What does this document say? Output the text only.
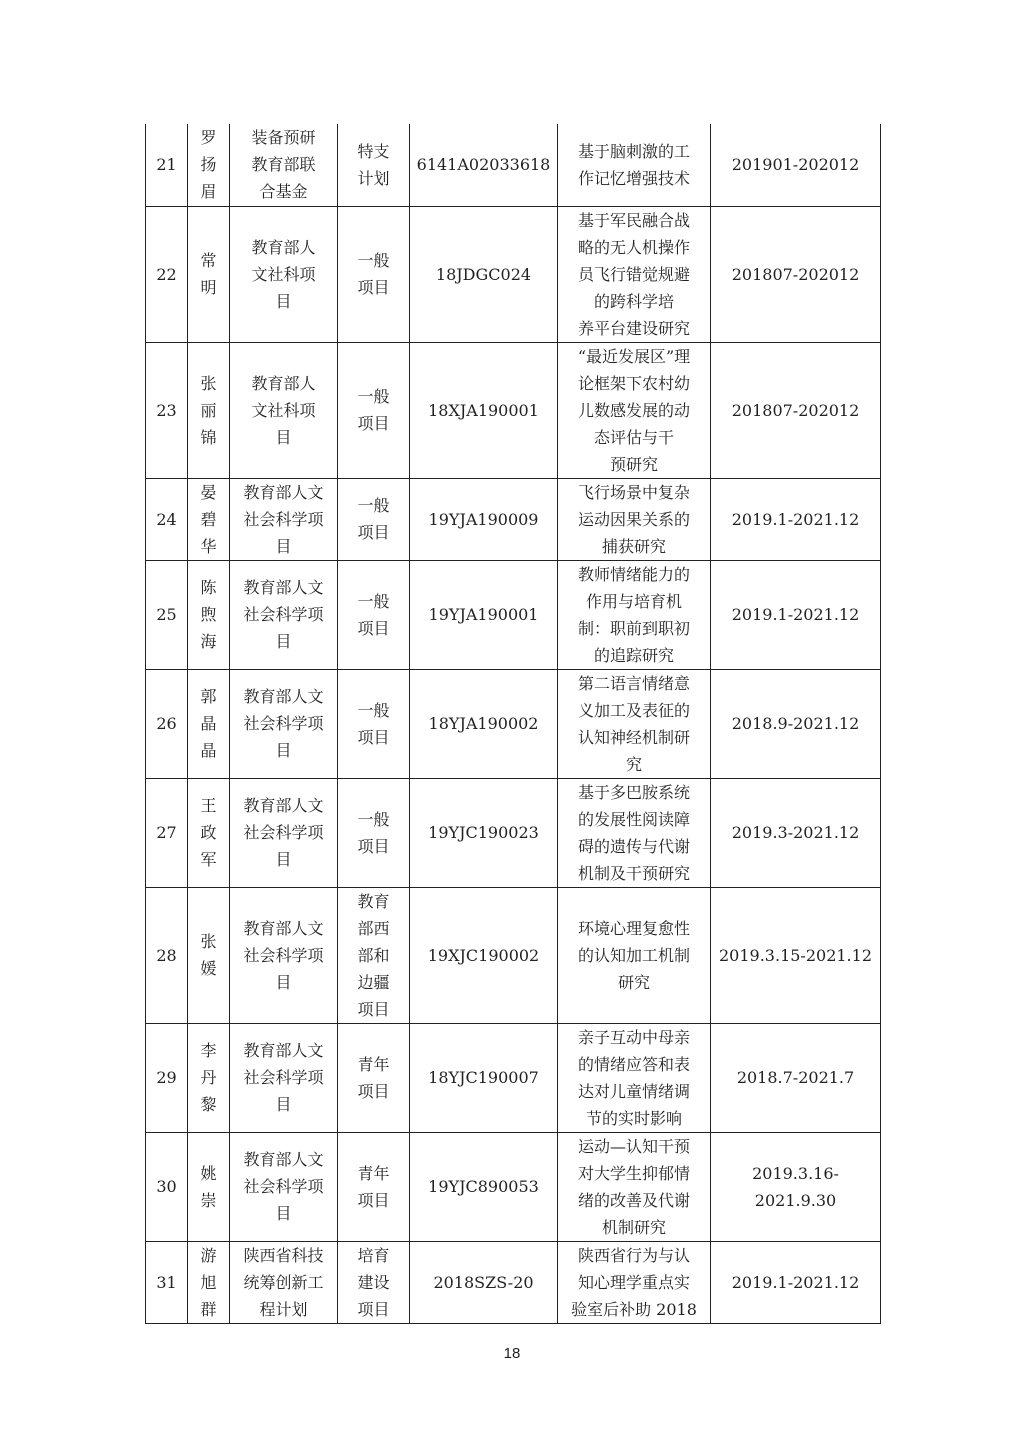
21	罗扬眉	装备预研
教育部联
合基金	特支
计划	6141A02033618	基于脑刺激的工
作记忆增强技术	201901-202012
22	常明	教育部人
文社科项
目	一般
项目	18JDGC024	基于军民融合战
略的无人机操作
员飞行错觉规避
的跨科学培
养平台建设研究	201807-202012
23	张丽锦	教育部人
文社科项
目	一般
项目	18XJA190001	“最近发展区”理
论框架下农村幼
儿数感发展的动
态评估与干
预研究	201807-202012
24	晏碧华	教育部人文
社会科学项
目	一般
项目	19YJA190009	飞行场景中复杂
运动因果关系的
捕获研究	2019.1-2021.12
25	陈煦海	教育部人文
社会科学项
目	一般
项目	19YJA190001	教师情绪能力的
作用与培育机
制：职前到职初
的追踪研究	2019.1-2021.12
26	郭晶晶	教育部人文
社会科学项
目	一般
项目	18YJA190002	第二语言情绪意
义加工及表征的
认知神经机制研
究	2018.9-2021.12
27	王政军	教育部人文
社会科学项
目	一般
项目	19YJC190023	基于多巴胺系统
的发展性阅读障
碍的遗传与代谢
机制及干预研究	2019.3-2021.12
28	张媛	教育部人文
社会科学项
目	教育
部西
部和
边疆
项目	19XJC190002	环境心理复愈性
的认知加工机制
研究	2019.3.15-2021.12
29	李丹黎	教育部人文
社会科学项
目	青年
项目	18YJC190007	亲子互动中母亲
的情绪应答和表
达对儿童情绪调
节的实时影响	2018.7-2021.7
30	姚崇	教育部人文
社会科学项
目	青年
项目	19YJC890053	运动—认知干预
对大学生抑郁情
绪的改善及代谢
机制研究	2019.3.16-2021.9.30
31	游旭群	陕西省科技
统筹创新工
程计划	培育
建设
项目	2018SZS-20	陕西省行为与认
知心理学重点实
验室后补助 2018	2019.1-2021.12
18
